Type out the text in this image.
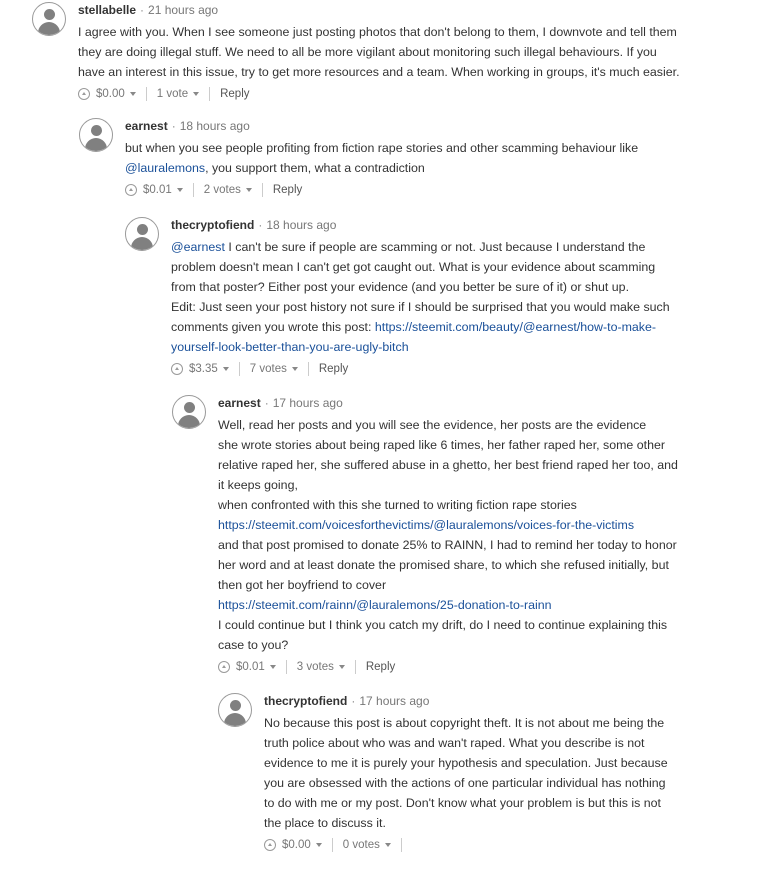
stellabelle · 21 hours ago

I agree with you. When I see someone just posting photos that don't belong to them, I downvote and tell them

they are doing illegal stuff. We need to all be more vigilant about monitoring such illegal behaviours. If you

have an interest in this issue, try to get more resources and a team. When working in groups, it's much easier.

$0.00	1 vote	Reply
earnest · 18 hours ago

but when you see people profiting from fiction rape stories and other scamming behaviour like

@lauralemons, you support them, what a contradiction

$0.01	2 votes	Reply
thecryptofiend · 18 hours ago

@earnest I can't be sure if people are scamming or not. Just because I understand the

problem doesn't mean I can't get got caught out. What is your evidence about scamming

from that poster? Either post your evidence (and you better be sure of it) or shut up.

Edit: Just seen your post history not sure if I should be surprised that you would make such

comments given you wrote this post: https://steemit.com/beauty/@earnest/how-to-make-

yourself-look-better-than-you-are-ugly-bitch

$3.35	7 votes	Reply
earnest · 17 hours ago

Well, read her posts and you will see the evidence, her posts are the evidence

she wrote stories about being raped like 6 times, her father raped her, some other

relative raped her, she suffered abuse in a ghetto, her best friend raped her too, and

it keeps going,

when confronted with this she turned to writing fiction rape stories

https://steemit.com/voicesforthevictims/@lauralemons/voices-for-the-victims

and that post promised to donate 25% to RAINN, I had to remind her today to honor

her word and at least donate the promised share, to which she refused initially, but

then got her boyfriend to cover

https://steemit.com/rainn/@lauralemons/25-donation-to-rainn

I could continue but I think you catch my drift, do I need to continue explaining this

case to you?

$0.01	3 votes	Reply
thecryptofiend · 17 hours ago

No because this post is about copyright theft. It is not about me being the

truth police about who was and wan't raped. What you describe is not

evidence to me it is purely your hypothesis and speculation. Just because

you are obsessed with the actions of one particular individual has nothing

to do with me or my post. Don't know what your problem is but this is not

the place to discuss it.

$0.00	0 votes
